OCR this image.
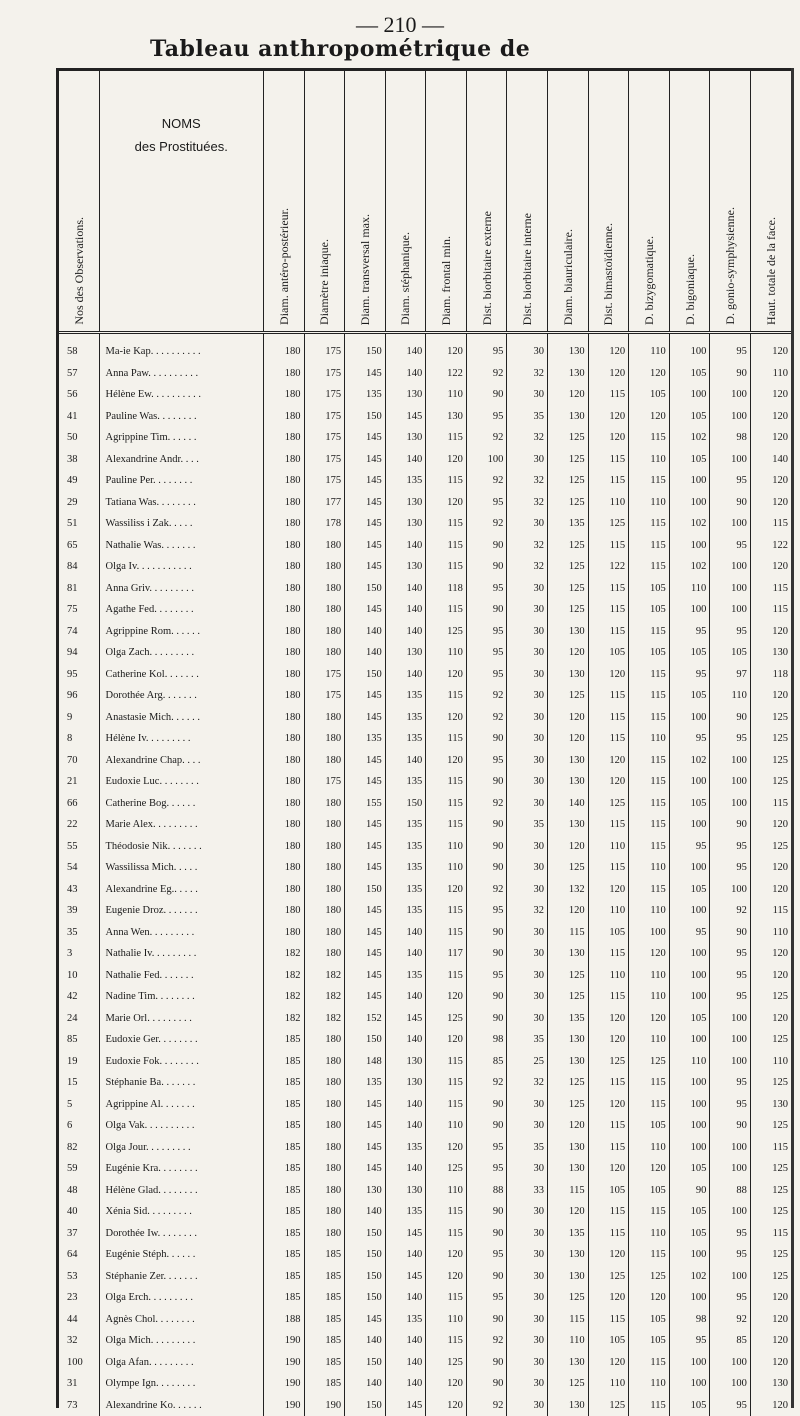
— 210 —
Tableau anthropométrique de
Nos des Observations.	NOMS
des Prostituées.	Diam. antéro-postérieur.	Diamètre iniaque.	Diam. transversal max.	Diam. stéphanique.	Diam. frontal min.	Dist. biorbitaire externe	Dist. biorbitaire interne	Diam. biauriculaire.	Dist. bimastoïdienne.	D. bizygomatique.	D. bigoniaque.	D. gonio-symphysienne.	Haut. totale de la face.

58	Ma-ie Kap. . . . . . . . . .	180	175	150	140	120	95	30	130	120	110	100	95	120
57	Anna Paw. . . . . . . . . .	180	175	145	140	122	92	32	130	120	120	105	90	110
56	Hélène Ew. . . . . . . . . .	180	175	135	130	110	90	30	120	115	105	100	100	120
41	Pauline Was. . . . . . . .	180	175	150	145	130	95	35	130	120	120	105	100	120
50	Agrippine Tim. . . . . .	180	175	145	130	115	92	32	125	120	115	102	98	120
38	Alexandrine Andr. . . .	180	175	145	140	120	100	30	125	115	110	105	100	140
49	Pauline Per. . . . . . . .	180	175	145	135	115	92	32	125	115	115	100	95	120
29	Tatiana Was. . . . . . . .	180	177	145	130	120	95	32	125	110	110	100	90	120
51	Wassiliss i Zak. . . . .	180	178	145	130	115	92	30	135	125	115	102	100	115
65	Nathalie Was. . . . . . .	180	180	145	140	115	90	32	125	115	115	100	95	122
84	Olga Iv. . . . . . . . . . .	180	180	145	130	115	90	32	125	122	115	102	100	120
81	Anna Griv. . . . . . . . .	180	180	150	140	118	95	30	125	115	105	110	100	115
75	Agathe Fed. . . . . . . .	180	180	145	140	115	90	30	125	115	105	100	100	115
74	Agrippine Rom. . . . . .	180	180	140	140	125	95	30	130	115	115	95	95	120
94	Olga Zach. . . . . . . . .	180	180	140	130	110	95	30	120	105	105	105	105	130
95	Catherine Kol. . . . . . .	180	175	150	140	120	95	30	130	120	115	95	97	118
96	Dorothée Arg. . . . . . .	180	175	145	135	115	92	30	125	115	115	105	110	120
9	Anastasie Mich. . . . . .	180	180	145	135	120	92	30	120	115	115	100	90	125
8	Hélène Iv. . . . . . . . .	180	180	135	135	115	90	30	120	115	110	95	95	125
70	Alexandrine Chap. . . .	180	180	145	140	120	95	30	130	120	115	102	100	125
21	Eudoxie Luc. . . . . . . .	180	175	145	135	115	90	30	130	120	115	100	100	125
66	Catherine Bog. . . . . .	180	180	155	150	115	92	30	140	125	115	105	100	115
22	Marie Alex. . . . . . . . .	180	180	145	135	115	90	35	130	115	115	100	90	120
55	Théodosie Nik. . . . . . .	180	180	145	135	110	90	30	120	110	115	95	95	125
54	Wassilissa Mich. . . . .	180	180	145	135	110	90	30	125	115	110	100	95	120
43	Alexandrine Eg.. . . . .	180	180	150	135	120	92	30	132	120	115	105	100	120
39	Eugenie Droz. . . . . . .	180	180	145	135	115	95	32	120	110	110	100	92	115
35	Anna Wen. . . . . . . . .	180	180	145	140	115	90	30	115	105	100	95	90	110
3	Nathalie Iv. . . . . . . . .	182	180	145	140	117	90	30	130	115	120	100	95	120
10	Nathalie Fed. . . . . . .	182	182	145	135	115	95	30	125	110	110	100	95	120
42	Nadine Tim. . . . . . . .	182	182	145	140	120	90	30	125	115	110	100	95	125
24	Marie Orl. . . . . . . . .	182	182	152	145	125	90	30	135	120	120	105	100	120
85	Eudoxie Ger. . . . . . . .	185	180	150	140	120	98	35	130	120	110	100	100	125
19	Eudoxie Fok. . . . . . . .	185	180	148	130	115	85	25	130	125	125	110	100	110
15	Stéphanie Ba. . . . . . .	185	180	135	130	115	92	32	125	115	115	100	95	125
5	Agrippine Al. . . . . . .	185	180	145	140	115	90	30	125	120	115	100	95	130
6	Olga Vak. . . . . . . . . .	185	180	145	140	110	90	30	120	115	105	100	90	125
82	Olga Jour. . . . . . . . .	185	180	145	135	120	95	35	130	115	110	100	100	115
59	Eugénie Kra. . . . . . . .	185	180	145	140	125	95	30	130	120	120	105	100	125
48	Hélène Glad. . . . . . . .	185	180	130	130	110	88	33	115	105	105	90	88	125
40	Xénia Sid. . . . . . . . .	185	180	140	135	115	90	30	120	115	115	105	100	125
37	Dorothée Iw. . . . . . . .	185	180	150	145	115	90	30	135	115	110	105	95	115
64	Eugénie Stéph. . . . . .	185	185	150	140	120	95	30	130	120	115	100	95	125
53	Stéphanie Zer. . . . . . .	185	185	150	145	120	90	30	130	125	125	102	100	125
23	Olga Erch. . . . . . . . .	185	185	150	140	115	95	30	125	120	120	100	95	120
44	Agnès Chol. . . . . . . .	188	185	145	135	110	90	30	115	115	105	98	92	120
32	Olga Mich. . . . . . . . .	190	185	140	140	115	92	30	110	105	105	95	85	120
100	Olga Afan. . . . . . . . .	190	185	150	140	125	90	30	130	120	115	100	100	120
31	Olympe Ign. . . . . . . .	190	185	140	140	120	90	30	125	110	110	100	100	130
73	Alexandrine Ko. . . . . .	190	190	150	145	120	92	30	130	125	115	105	95	120
